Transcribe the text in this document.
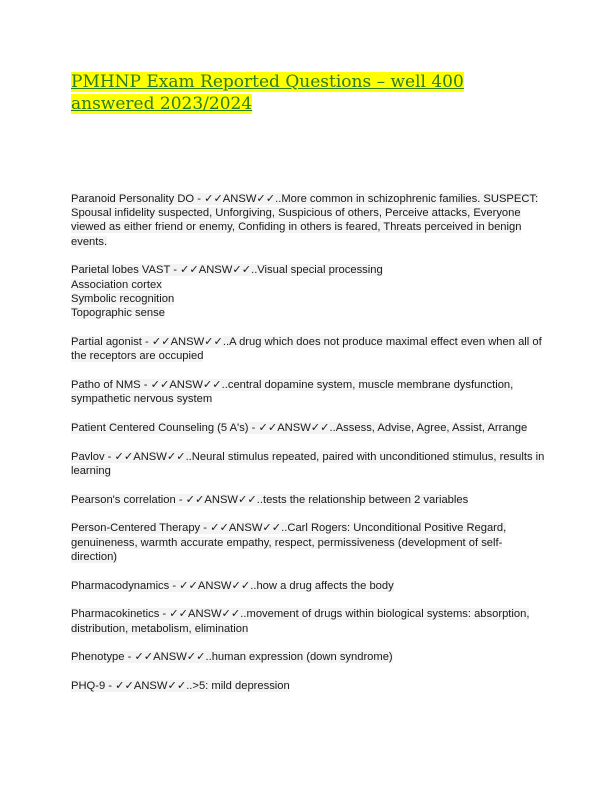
PMHNP Exam Reported Questions – well 400 answered 2023/2024
Paranoid Personality DO - ✓✓ANSW✓✓..More common in schizophrenic families. SUSPECT: Spousal infidelity suspected, Unforgiving, Suspicious of others, Perceive attacks, Everyone viewed as either friend or enemy, Confiding in others is feared, Threats perceived in benign events.
Parietal lobes VAST - ✓✓ANSW✓✓..Visual special processing
Association cortex
Symbolic recognition
Topographic sense
Partial agonist - ✓✓ANSW✓✓..A drug which does not produce maximal effect even when all of the receptors are occupied
Patho of NMS - ✓✓ANSW✓✓..central dopamine system, muscle membrane dysfunction, sympathetic nervous system
Patient Centered Counseling (5 A's) - ✓✓ANSW✓✓..Assess, Advise, Agree, Assist, Arrange
Pavlov - ✓✓ANSW✓✓..Neural stimulus repeated, paired with unconditioned stimulus, results in learning
Pearson's correlation - ✓✓ANSW✓✓..tests the relationship between 2 variables
Person-Centered Therapy - ✓✓ANSW✓✓..Carl Rogers: Unconditional Positive Regard, genuineness, warmth accurate empathy, respect, permissiveness (development of self-direction)
Pharmacodynamics - ✓✓ANSW✓✓..how a drug affects the body
Pharmacokinetics - ✓✓ANSW✓✓..movement of drugs within biological systems: absorption, distribution, metabolism, elimination
Phenotype - ✓✓ANSW✓✓..human expression (down syndrome)
PHQ-9 - ✓✓ANSW✓✓..>5: mild depression
